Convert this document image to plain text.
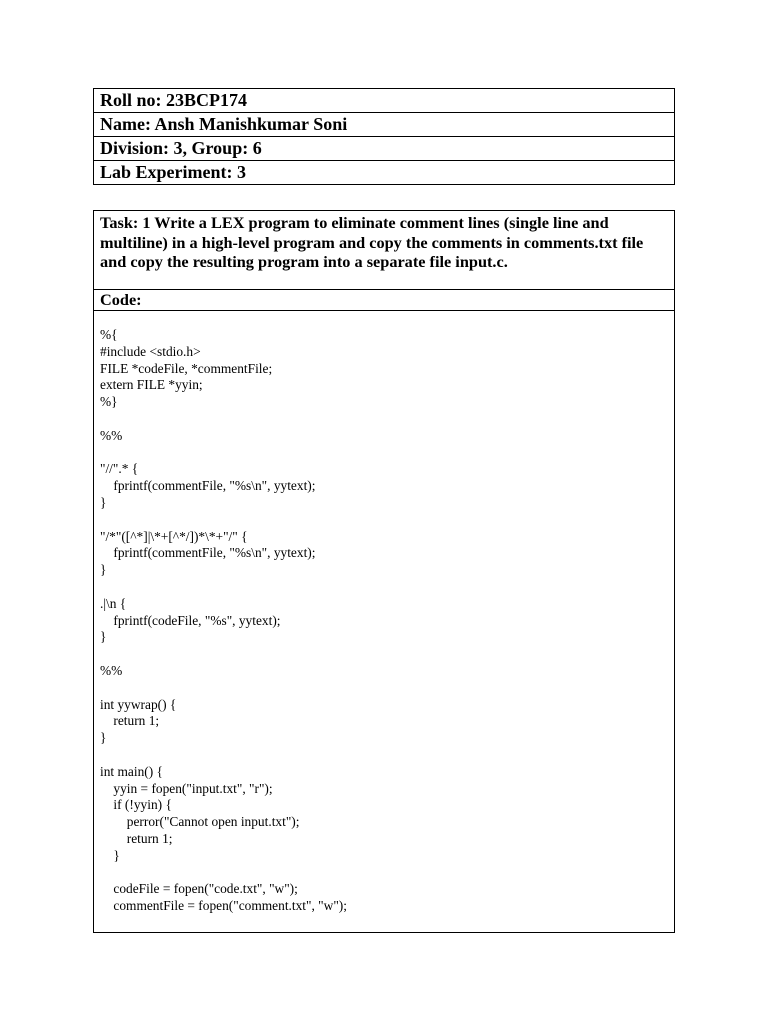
Roll no: 23BCP174
Name: Ansh Manishkumar Soni
Division: 3, Group: 6
Lab Experiment: 3
Task: 1 Write a LEX program to eliminate comment lines (single line and multiline) in a high-level program and copy the comments in comments.txt file and copy the resulting program into a separate file input.c.
Code:
%{
#include <stdio.h>
FILE *codeFile, *commentFile;
extern FILE *yyin;
%}

%%

"//".* {
fprintf(commentFile, "%s\n", yytext);
}

"/*"([^*]|\*+[^*/])*\*+"/" {
fprintf(commentFile, "%s\n", yytext);
}

.|\n {
fprintf(codeFile, "%s", yytext);
}

%%

int yywrap() {
return 1;
}

int main() {
yyin = fopen("input.txt", "r");
if (!yyin) {
perror("Cannot open input.txt");
return 1;
}

codeFile = fopen("code.txt", "w");
commentFile = fopen("comment.txt", "w");
